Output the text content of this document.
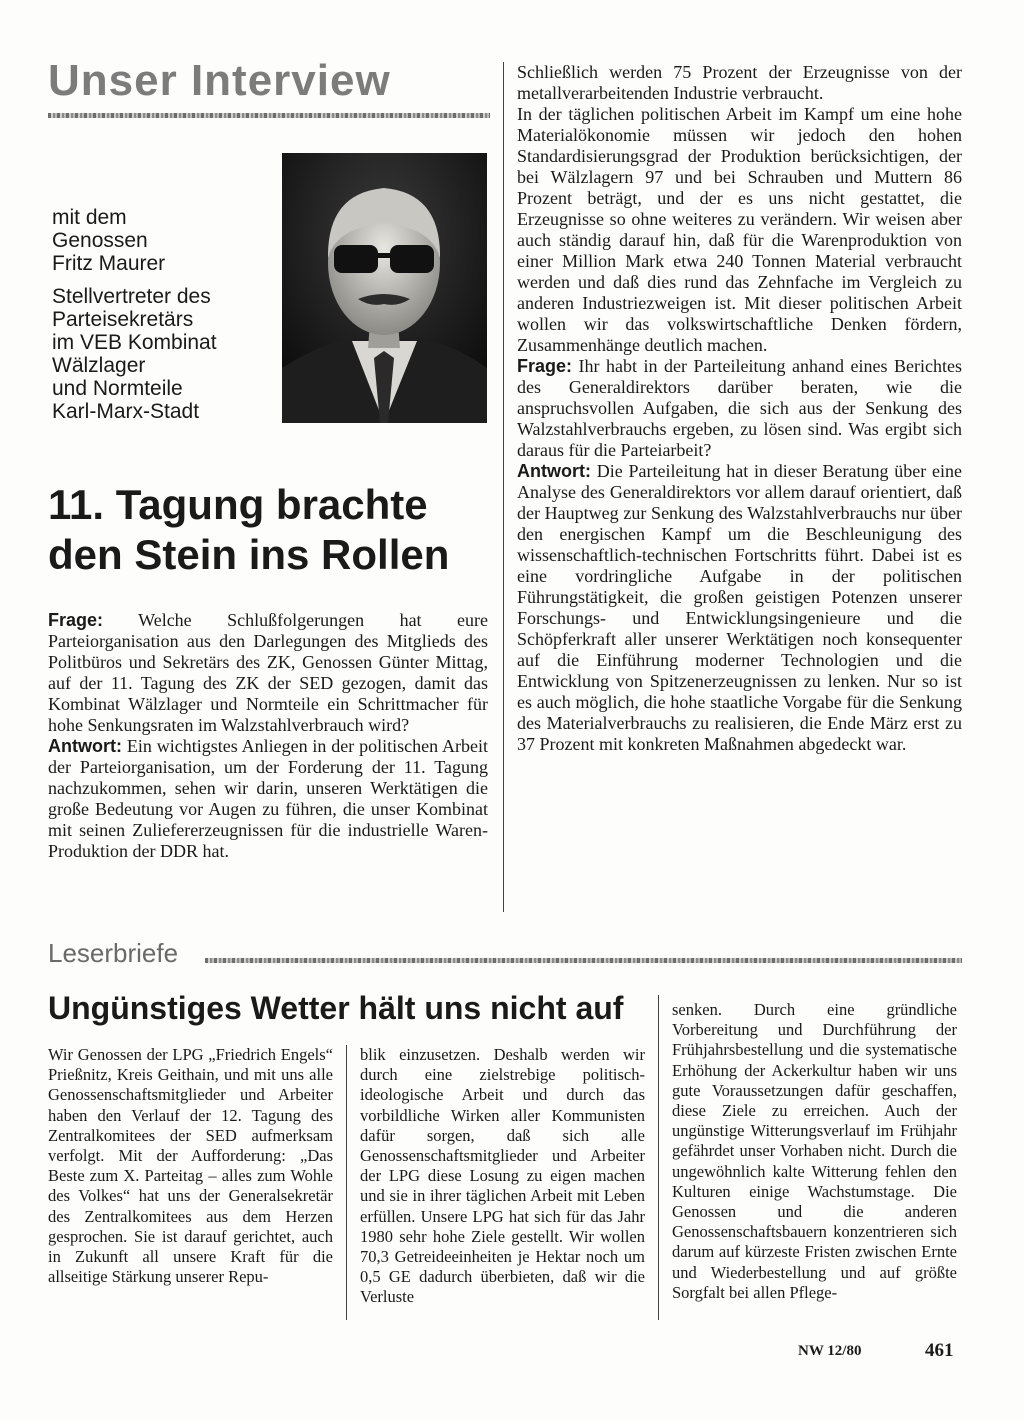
Unser Interview
mit dem
Genossen
Fritz Maurer
Stellvertreter des
Parteisekretärs
im VEB Kombinat
Wälzlager
und Normteile
Karl-Marx-Stadt
11. Tagung brachte
den Stein ins Rollen

Frage: Welche Schlußfolgerungen hat eure Parteiorganisation aus den Darlegungen des Mitglieds des Politbüros und Sekretärs des ZK, Genossen Günter Mittag, auf der 11. Tagung des ZK der SED gezogen, damit das Kombinat Wälzlager und Normteile ein Schrittmacher für hohe Senkungsraten im Walzstahlverbrauch wird?

Antwort: Ein wichtigstes Anliegen in der politischen Arbeit der Parteiorganisation, um der Forderung der 11. Tagung nachzukommen, sehen wir darin, unseren Werktätigen die große Bedeutung vor Augen zu führen, die unser Kombinat mit seinen Zuliefererzeugnissen für die industrielle Waren-Produktion der DDR hat.

Schließlich werden 75 Prozent der Erzeugnisse von der metallverarbeitenden Industrie verbraucht.

In der täglichen politischen Arbeit im Kampf um eine hohe Materialökonomie müssen wir jedoch den hohen Standardisierungsgrad der Produktion berücksichtigen, der bei Wälzlagern 97 und bei Schrauben und Muttern 86 Prozent beträgt, und der es uns nicht gestattet, die Erzeugnisse so ohne weiteres zu verändern. Wir weisen aber auch ständig darauf hin, daß für die Warenproduktion von einer Million Mark etwa 240 Tonnen Material verbraucht werden und daß dies rund das Zehnfache im Vergleich zu anderen Industriezweigen ist. Mit dieser politischen Arbeit wollen wir das volkswirtschaftliche Denken fördern, Zusammenhänge deutlich machen.

Frage: Ihr habt in der Parteileitung anhand eines Berichtes des Generaldirektors darüber beraten, wie die anspruchsvollen Aufgaben, die sich aus der Senkung des Walzstahlverbrauchs ergeben, zu lösen sind. Was ergibt sich daraus für die Parteiarbeit?

Antwort: Die Parteileitung hat in dieser Beratung über eine Analyse des Generaldirektors vor allem darauf orientiert, daß der Hauptweg zur Senkung des Walzstahlverbrauchs nur über den energischen Kampf um die Beschleunigung des wissenschaftlich-technischen Fortschritts führt. Dabei ist es eine vordringliche Aufgabe in der politischen Führungstätigkeit, die großen geistigen Potenzen unserer Forschungs- und Entwicklungsingenieure und die Schöpferkraft aller unserer Werktätigen noch konsequenter auf die Einführung moderner Technologien und die Entwicklung von Spitzenerzeugnissen zu lenken. Nur so ist es auch möglich, die hohe staatliche Vorgabe für die Senkung des Materialverbrauchs zu realisieren, die Ende März erst zu 37 Prozent mit konkreten Maßnahmen abgedeckt war.

Leserbriefe
Ungünstiges Wetter hält uns nicht auf
Wir Genossen der LPG „Friedrich Engels“ Prießnitz, Kreis Geithain, und mit uns alle Genossenschaftsmitglieder und Arbeiter haben den Verlauf der 12. Tagung des Zentralkomitees der SED aufmerksam verfolgt. Mit der Aufforderung: „Das Beste zum X. Parteitag – alles zum Wohle des Volkes“ hat uns der Generalsekretär des Zentralkomitees aus dem Herzen gesprochen. Sie ist darauf gerichtet, auch in Zukunft all unsere Kraft für die allseitige Stärkung unserer Repu-
blik einzusetzen. Deshalb werden wir durch eine zielstrebige politisch-ideologische Arbeit und durch das vorbildliche Wirken aller Kommunisten dafür sorgen, daß sich alle Genossenschaftsmitglieder und Arbeiter der LPG diese Losung zu eigen machen und sie in ihrer täglichen Arbeit mit Leben erfüllen. Unsere LPG hat sich für das Jahr 1980 sehr hohe Ziele gestellt. Wir wollen 70,3 Getreideeinheiten je Hektar noch um 0,5 GE dadurch überbieten, daß wir die Verluste
senken. Durch eine gründliche Vorbereitung und Durchführung der Frühjahrsbestellung und die systematische Erhöhung der Ackerkultur haben wir uns gute Voraussetzungen dafür geschaffen, diese Ziele zu erreichen. Auch der ungünstige Witterungsverlauf im Frühjahr gefährdet unser Vorhaben nicht. Durch die ungewöhnlich kalte Witterung fehlen den Kulturen einige Wachstumstage. Die Genossen und die anderen Genossenschaftsbauern konzentrieren sich darum auf kürzeste Fristen zwischen Ernte und Wiederbestellung und auf größte Sorgfalt bei allen Pflege-
NW 12/80	461
